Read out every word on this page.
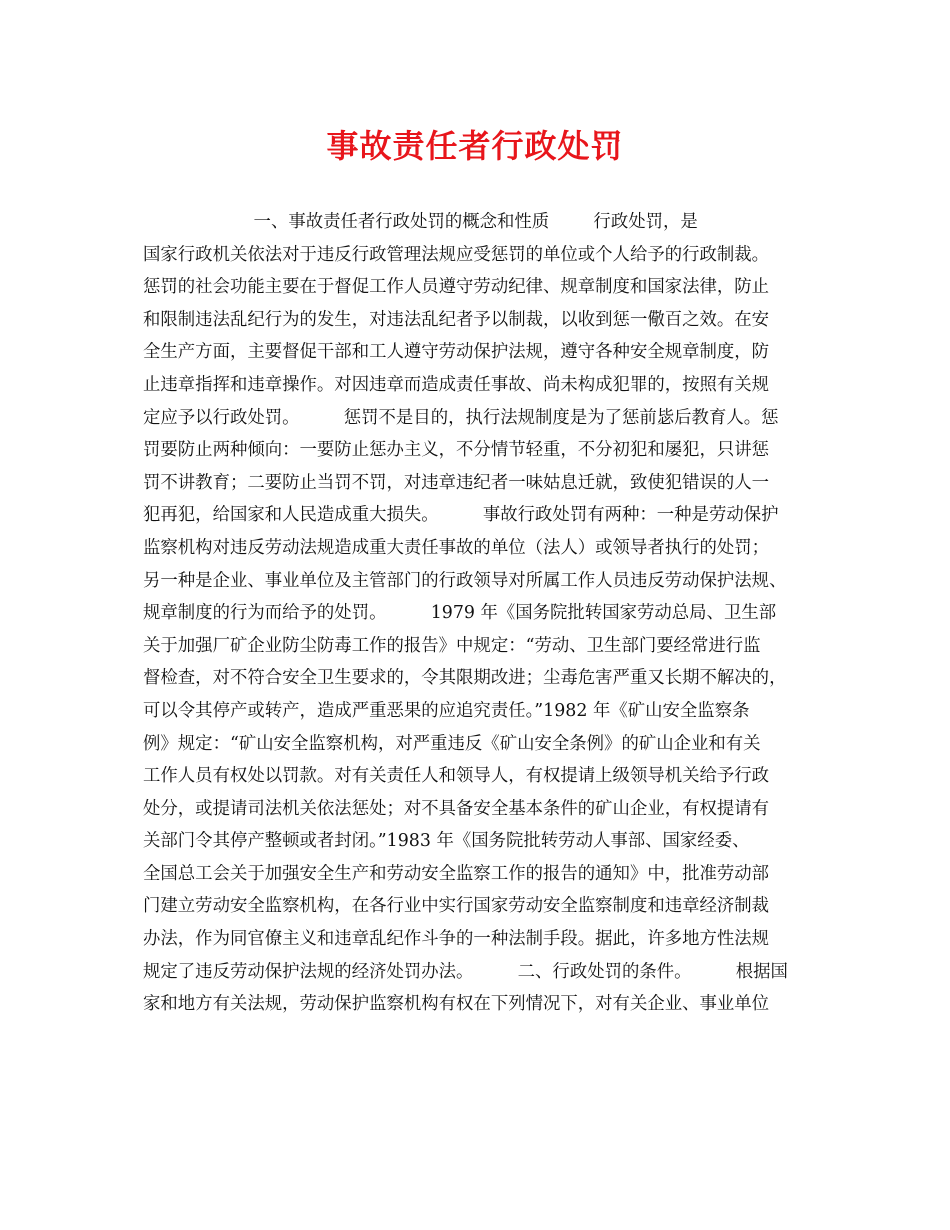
事故责任者行政处罚
一、事故责任者行政处罚的概念和性质        行政处罚，是
国家行政机关依法对于违反行政管理法规应受惩罚的单位或个人给予的行政制裁。
惩罚的社会功能主要在于督促工作人员遵守劳动纪律、规章制度和国家法律，防止
和限制违法乱纪行为的发生，对违法乱纪者予以制裁，以收到惩一儆百之效。在安
全生产方面，主要督促干部和工人遵守劳动保护法规，遵守各种安全规章制度，防
止违章指挥和违章操作。对因违章而造成责任事故、尚未构成犯罪的，按照有关规
定应予以行政处罚。        惩罚不是目的，执行法规制度是为了惩前毖后教育人。惩
罚要防止两种倾向：一要防止惩办主义，不分情节轻重，不分初犯和屡犯，只讲惩
罚不讲教育；二要防止当罚不罚，对违章违纪者一味姑息迁就，致使犯错误的人一
犯再犯，给国家和人民造成重大损失。        事故行政处罚有两种：一种是劳动保护
监察机构对违反劳动法规造成重大责任事故的单位（法人）或领导者执行的处罚；
另一种是企业、事业单位及主管部门的行政领导对所属工作人员违反劳动保护法规、
规章制度的行为而给予的处罚。        1979 年《国务院批转国家劳动总局、卫生部
关于加强厂矿企业防尘防毒工作的报告》中规定：“劳动、卫生部门要经常进行监
督检查，对不符合安全卫生要求的，令其限期改进；尘毒危害严重又长期不解决的，
可以令其停产或转产，造成严重恶果的应追究责任。”1982 年《矿山安全监察条
例》规定：“矿山安全监察机构，对严重违反《矿山安全条例》的矿山企业和有关
工作人员有权处以罚款。对有关责任人和领导人，有权提请上级领导机关给予行政
处分，或提请司法机关依法惩处；对不具备安全基本条件的矿山企业，有权提请有
关部门令其停产整顿或者封闭。”1983 年《国务院批转劳动人事部、国家经委、
全国总工会关于加强安全生产和劳动安全监察工作的报告的通知》中，批准劳动部
门建立劳动安全监察机构，在各行业中实行国家劳动安全监察制度和违章经济制裁
办法，作为同官僚主义和违章乱纪作斗争的一种法制手段。据此，许多地方性法规
规定了违反劳动保护法规的经济处罚办法。        二、行政处罚的条件。        根据国
家和地方有关法规，劳动保护监察机构有权在下列情况下，对有关企业、事业单位
